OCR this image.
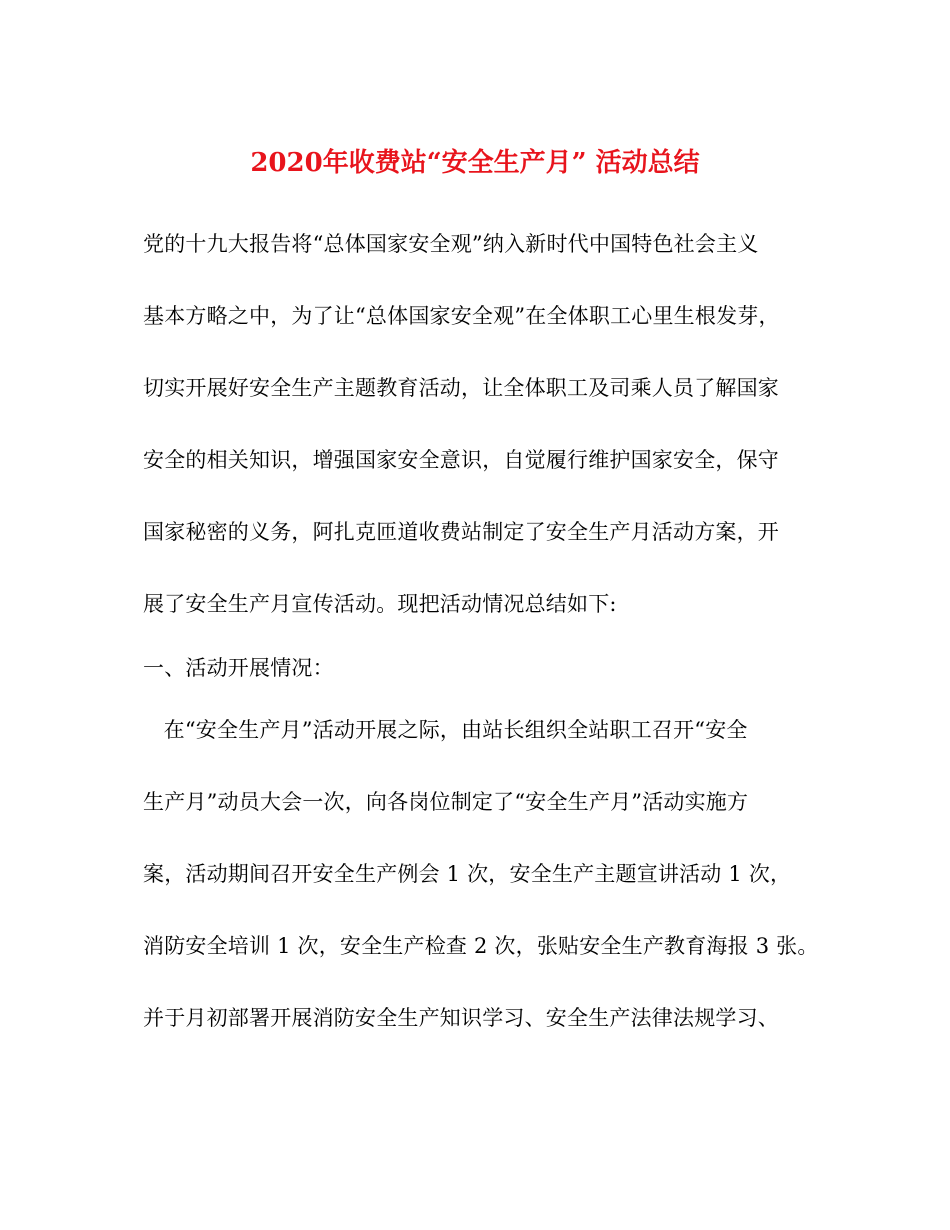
2020年收费站“安全生产月” 活动总结
党的十九大报告将“总体国家安全观”纳入新时代中国特色社会主义
基本方略之中，为了让“总体国家安全观”在全体职工心里生根发芽，
切实开展好安全生产主题教育活动，让全体职工及司乘人员了解国家
安全的相关知识，增强国家安全意识，自觉履行维护国家安全，保守
国家秘密的义务，阿扎克匝道收费站制定了安全生产月活动方案，开
展了安全生产月宣传活动。现把活动情况总结如下:
一、活动开展情况：
在“安全生产月”活动开展之际，由站长组织全站职工召开“安全
生产月”动员大会一次，向各岗位制定了“安全生产月”活动实施方
案，活动期间召开安全生产例会 1 次，安全生产主题宣讲活动 1 次，
消防安全培训 1 次，安全生产检查 2 次，张贴安全生产教育海报 3 张。
并于月初部署开展消防安全生产知识学习、安全生产法律法规学习、
